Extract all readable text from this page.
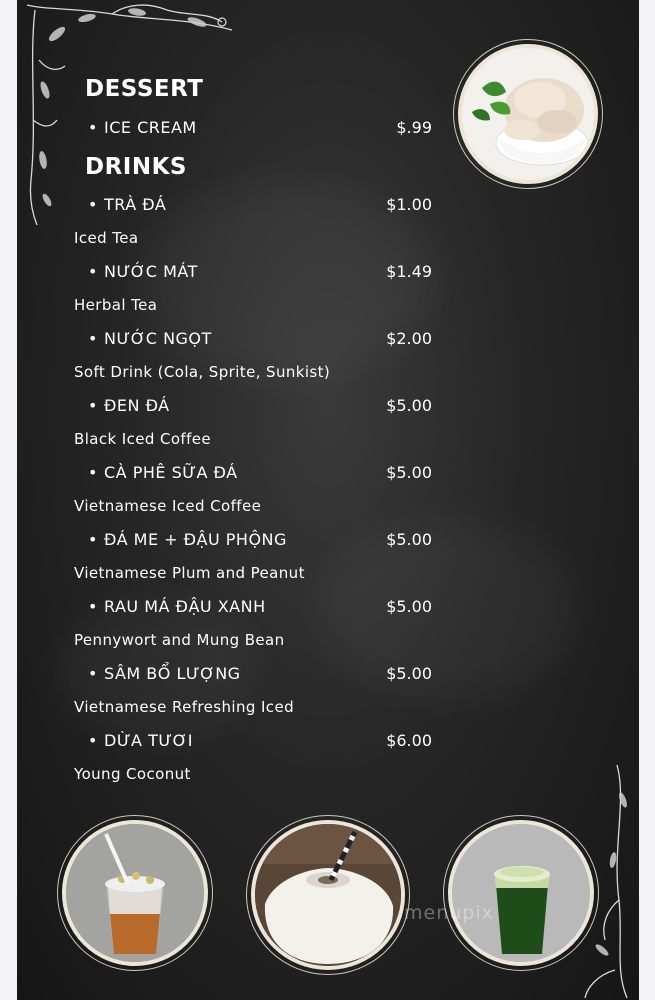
DESSERT
• ICE CREAM	$.99
DRINKS
• TRÀ ĐÁ	$1.00
Iced Tea
• NƯỚC MÁT	$1.49
Herbal Tea
• NƯỚC NGỌT	$2.00
Soft Drink (Cola, Sprite, Sunkist)
• ĐEN ĐÁ	$5.00
Black Iced Coffee
• CÀ PHÊ SỮA ĐÁ	$5.00
Vietnamese Iced Coffee
• ĐÁ ME + ĐẬU PHỘNG	$5.00
Vietnamese Plum and Peanut
• RAU MÁ ĐẬU XANH	$5.00
Pennywort and Mung Bean
• SÂM BỔ LƯỢNG	$5.00
Vietnamese Refreshing Iced
• DỪA TƯƠI	$6.00
Young Coconut
menupix
